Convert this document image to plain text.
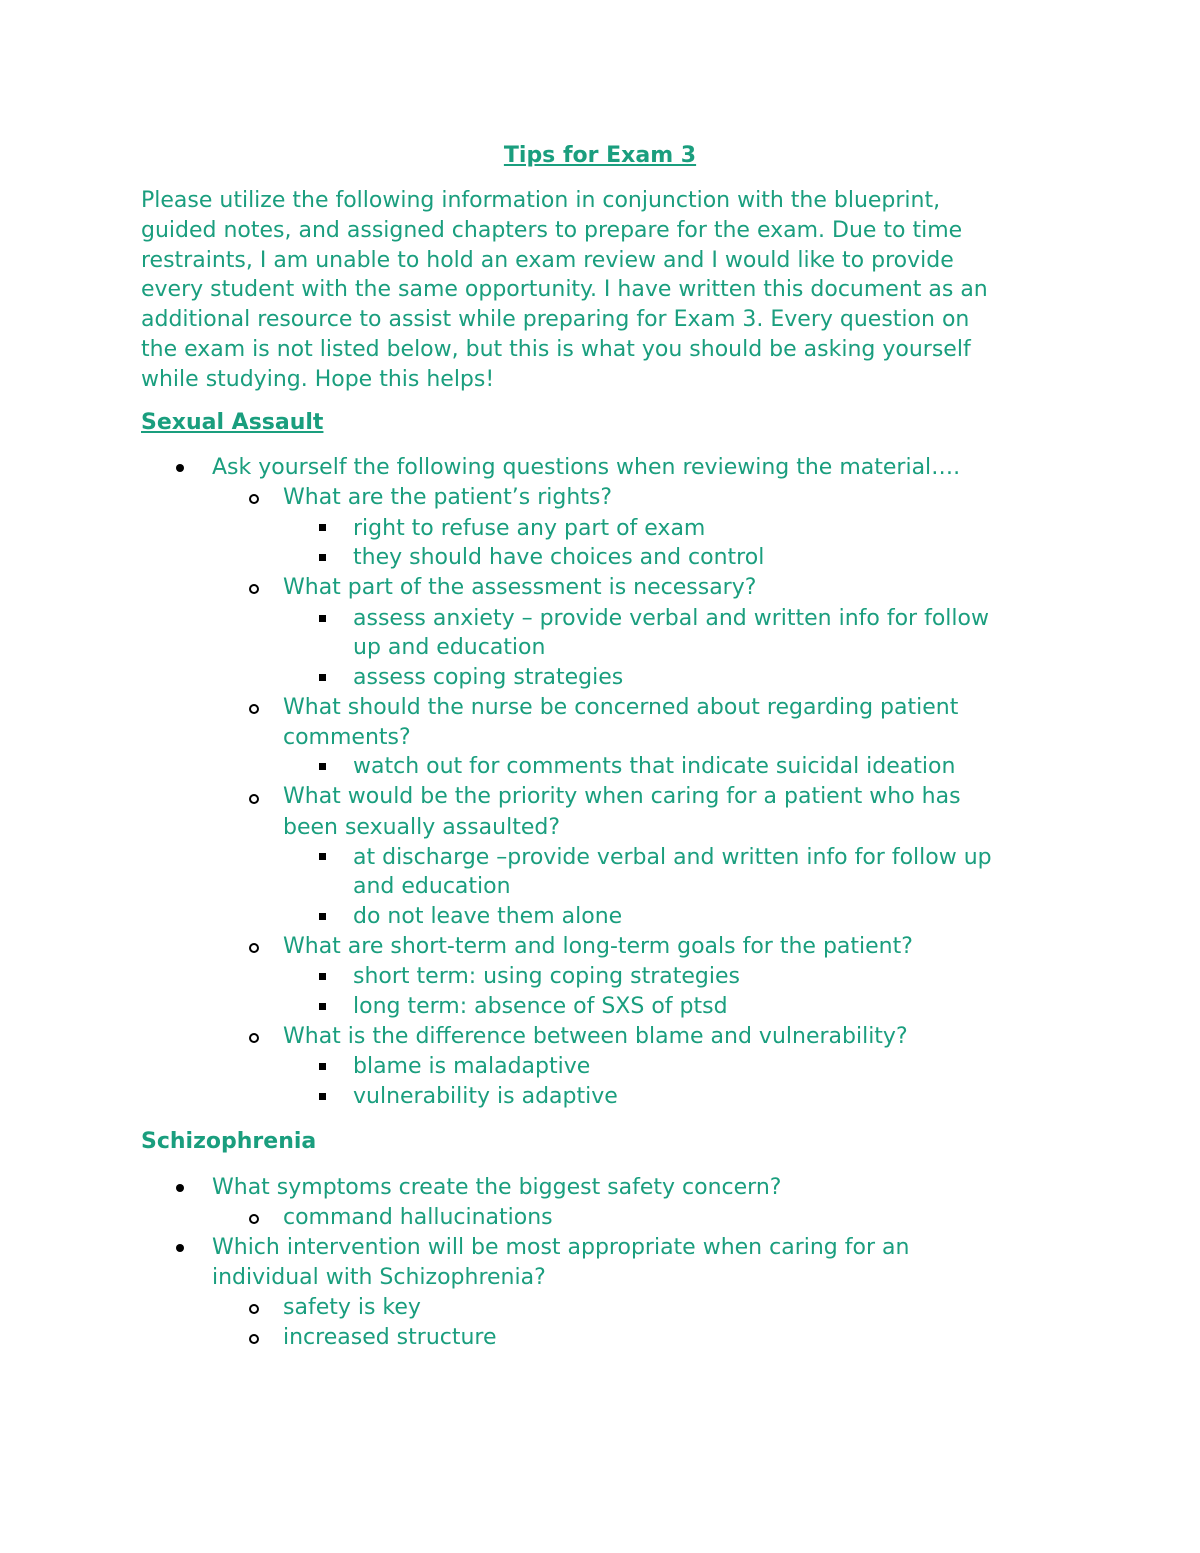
Tips for Exam 3
Please utilize the following information in conjunction with the blueprint,
guided notes, and assigned chapters to prepare for the exam. Due to time
restraints, I am unable to hold an exam review and I would like to provide
every student with the same opportunity. I have written this document as an
additional resource to assist while preparing for Exam 3. Every question on
the exam is not listed below, but this is what you should be asking yourself
while studying. Hope this helps!
Sexual Assault
Ask yourself the following questions when reviewing the material….
What are the patient’s rights?
right to refuse any part of exam
they should have choices and control
What part of the assessment is necessary?
assess anxiety – provide verbal and written info for follow
up and education
assess coping strategies
What should the nurse be concerned about regarding patient
comments?
watch out for comments that indicate suicidal ideation
What would be the priority when caring for a patient who has
been sexually assaulted?
at discharge –provide verbal and written info for follow up
and education
do not leave them alone
What are short-term and long-term goals for the patient?
short term: using coping strategies
long term: absence of SXS of ptsd
What is the difference between blame and vulnerability?
blame is maladaptive
vulnerability is adaptive
Schizophrenia
What symptoms create the biggest safety concern?
command hallucinations
Which intervention will be most appropriate when caring for an
individual with Schizophrenia?
safety is key
increased structure
